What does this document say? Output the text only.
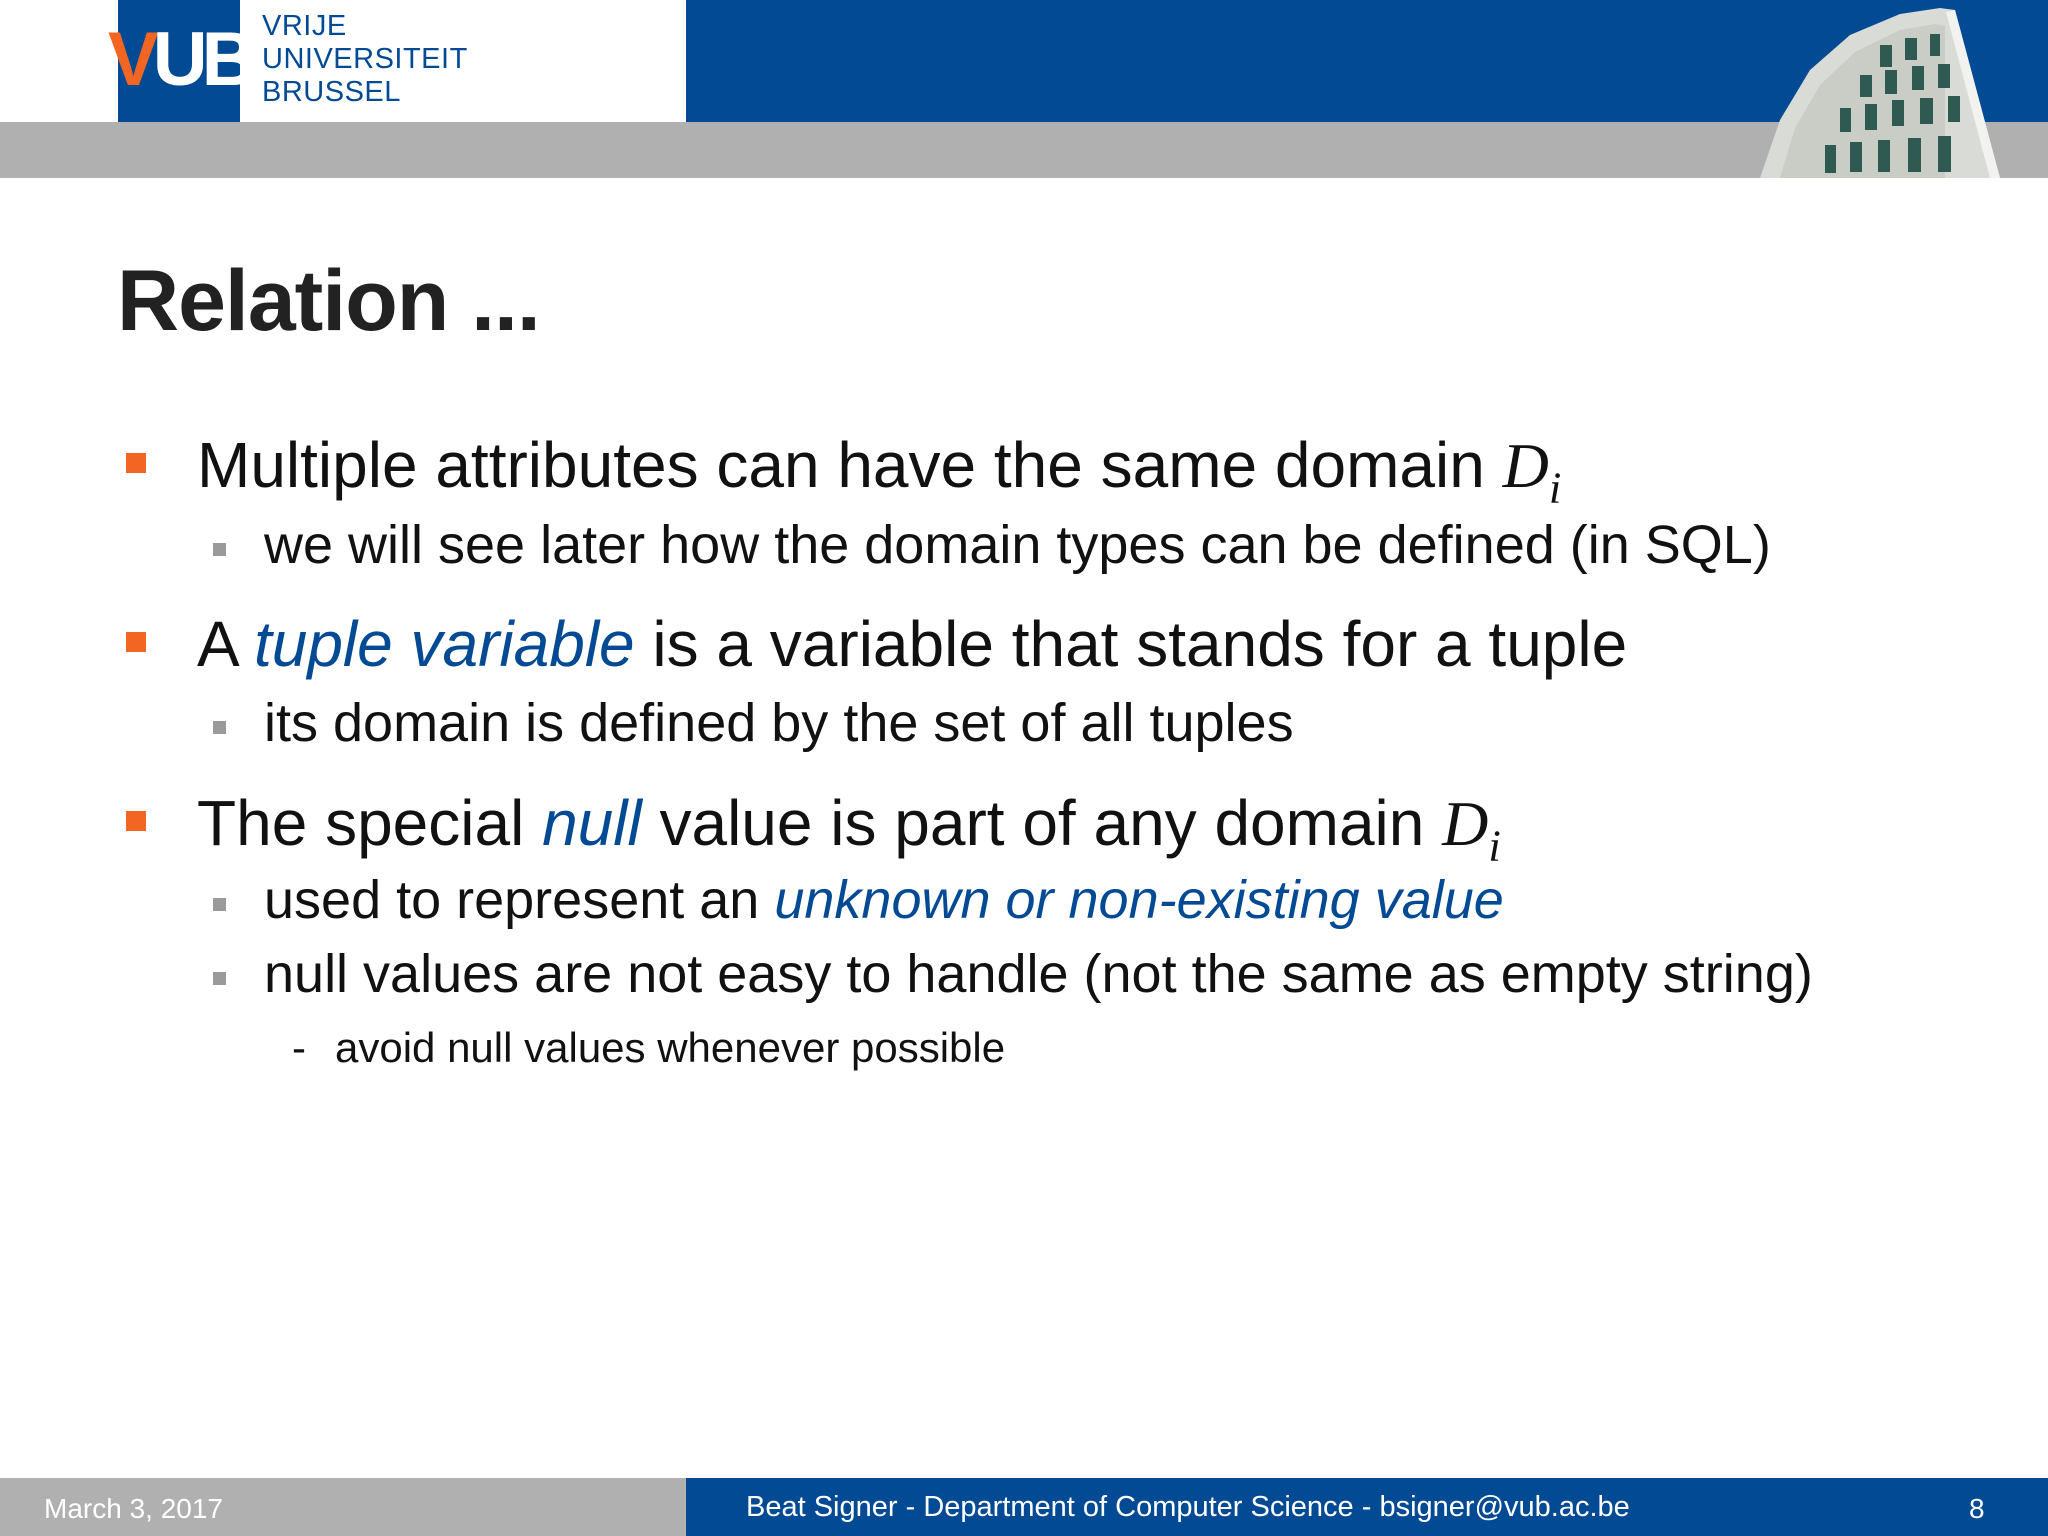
VUB VRIJE
UNIVERSITEIT
BRUSSEL
Relation ...
Multiple attributes can have the same domain $D_i$
we will see later how the domain types can be defined (in SQL)
A tuple variable is a variable that stands for a tuple
its domain is defined by the set of all tuples
The special null value is part of any domain $D_i$
used to represent an unknown or non-existing value
null values are not easy to handle (not the same as empty string)
- avoid null values whenever possible
March 3, 2017	Beat Signer - Department of Computer Science - bsigner@vub.ac.be	8
